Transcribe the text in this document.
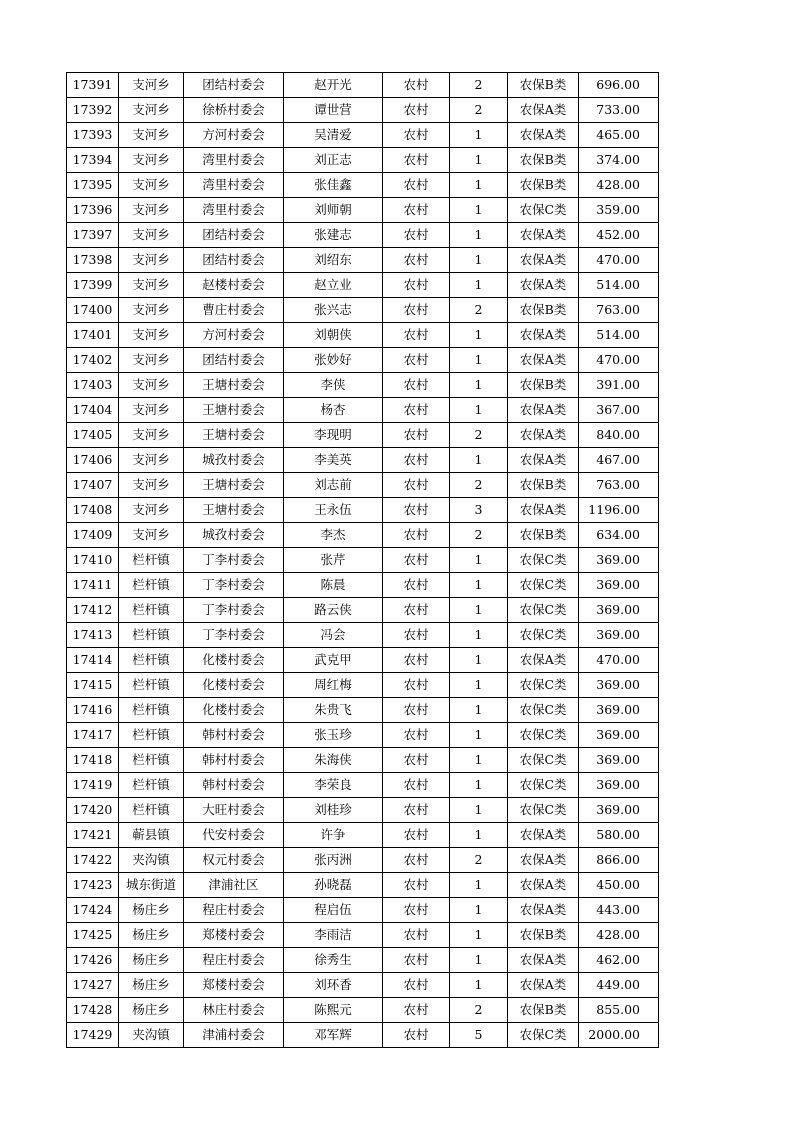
17391	支河乡	团结村委会	赵开光	农村	2	农保B类	696.00
17392	支河乡	徐桥村委会	谭世营	农村	2	农保A类	733.00
17393	支河乡	方河村委会	吴清爱	农村	1	农保A类	465.00
17394	支河乡	湾里村委会	刘正志	农村	1	农保B类	374.00
17395	支河乡	湾里村委会	张佳鑫	农村	1	农保B类	428.00
17396	支河乡	湾里村委会	刘师朝	农村	1	农保C类	359.00
17397	支河乡	团结村委会	张建志	农村	1	农保A类	452.00
17398	支河乡	团结村委会	刘绍东	农村	1	农保A类	470.00
17399	支河乡	赵楼村委会	赵立业	农村	1	农保A类	514.00
17400	支河乡	曹庄村委会	张兴志	农村	2	农保B类	763.00
17401	支河乡	方河村委会	刘朝侠	农村	1	农保A类	514.00
17402	支河乡	团结村委会	张妙好	农村	1	农保A类	470.00
17403	支河乡	王塘村委会	李侠	农村	1	农保B类	391.00
17404	支河乡	王塘村委会	杨杏	农村	1	农保A类	367.00
17405	支河乡	王塘村委会	李现明	农村	2	农保A类	840.00
17406	支河乡	城孜村委会	李美英	农村	1	农保A类	467.00
17407	支河乡	王塘村委会	刘志前	农村	2	农保B类	763.00
17408	支河乡	王塘村委会	王永伍	农村	3	农保A类	1196.00
17409	支河乡	城孜村委会	李杰	农村	2	农保B类	634.00
17410	栏杆镇	丁李村委会	张芹	农村	1	农保C类	369.00
17411	栏杆镇	丁李村委会	陈晨	农村	1	农保C类	369.00
17412	栏杆镇	丁李村委会	路云侠	农村	1	农保C类	369.00
17413	栏杆镇	丁李村委会	冯会	农村	1	农保C类	369.00
17414	栏杆镇	化楼村委会	武克甲	农村	1	农保A类	470.00
17415	栏杆镇	化楼村委会	周红梅	农村	1	农保C类	369.00
17416	栏杆镇	化楼村委会	朱贵飞	农村	1	农保C类	369.00
17417	栏杆镇	韩村村委会	张玉珍	农村	1	农保C类	369.00
17418	栏杆镇	韩村村委会	朱海侠	农村	1	农保C类	369.00
17419	栏杆镇	韩村村委会	李荣良	农村	1	农保C类	369.00
17420	栏杆镇	大旺村委会	刘桂珍	农村	1	农保C类	369.00
17421	蕲县镇	代安村委会	许争	农村	1	农保A类	580.00
17422	夹沟镇	权元村委会	张丙洲	农村	2	农保A类	866.00
17423	城东街道	津浦社区	孙晓磊	农村	1	农保A类	450.00
17424	杨庄乡	程庄村委会	程启伍	农村	1	农保A类	443.00
17425	杨庄乡	郑楼村委会	李雨洁	农村	1	农保B类	428.00
17426	杨庄乡	程庄村委会	徐秀生	农村	1	农保A类	462.00
17427	杨庄乡	郑楼村委会	刘环香	农村	1	农保A类	449.00
17428	杨庄乡	林庄村委会	陈熙元	农村	2	农保B类	855.00
17429	夹沟镇	津浦村委会	邓军辉	农村	5	农保C类	2000.00
